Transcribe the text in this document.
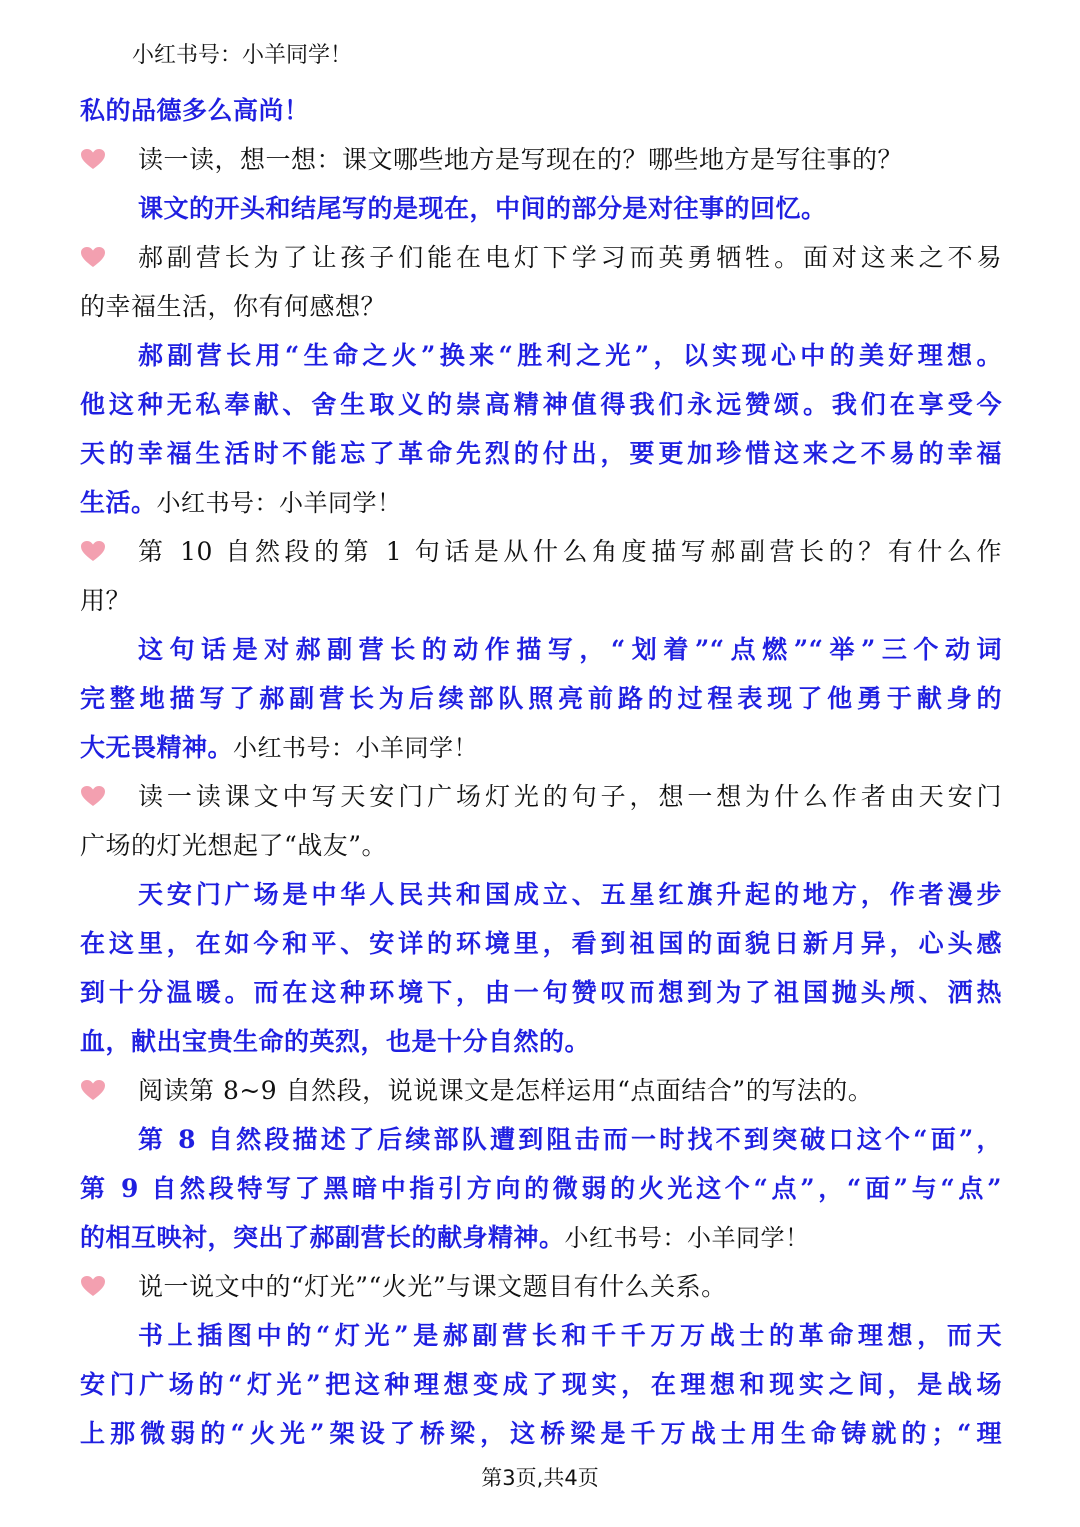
小红书号：小羊同学！
私的品德多么高尚！
读一读，想一想：课文哪些地方是写现在的？哪些地方是写往事的？
课文的开头和结尾写的是现在，中间的部分是对往事的回忆。
郝副营长为了让孩子们能在电灯下学习而英勇牺牲。面对这来之不易
的幸福生活，你有何感想？
郝副营长用“生命之火”换来“胜利之光”，以实现心中的美好理想。
他这种无私奉献、舍生取义的崇高精神值得我们永远赞颂。我们在享受今
天的幸福生活时不能忘了革命先烈的付出，要更加珍惜这来之不易的幸福
生活。小红书号：小羊同学！
第 10 自然段的第 1 句话是从什么角度描写郝副营长的？有什么作
用？
这句话是对郝副营长的动作描写，“划着”“点燃”“举”三个动词
完整地描写了郝副营长为后续部队照亮前路的过程表现了他勇于献身的
大无畏精神。小红书号：小羊同学！
读一读课文中写天安门广场灯光的句子，想一想为什么作者由天安门
广场的灯光想起了“战友”。
天安门广场是中华人民共和国成立、五星红旗升起的地方，作者漫步
在这里，在如今和平、安详的环境里，看到祖国的面貌日新月异，心头感
到十分温暖。而在这种环境下，由一句赞叹而想到为了祖国抛头颅、洒热
血，献出宝贵生命的英烈，也是十分自然的。
阅读第 8~9 自然段，说说课文是怎样运用“点面结合”的写法的。
第 8 自然段描述了后续部队遭到阻击而一时找不到突破口这个“面”，
第 9 自然段特写了黑暗中指引方向的微弱的火光这个“点”，“面”与“点”
的相互映衬，突出了郝副营长的献身精神。小红书号：小羊同学！
说一说文中的“灯光”“火光”与课文题目有什么关系。
书上插图中的“灯光”是郝副营长和千千万万战士的革命理想，而天
安门广场的“灯光”把这种理想变成了现实，在理想和现实之间，是战场
上那微弱的“火光”架设了桥梁，这桥梁是千万战士用生命铸就的；“理
第3页,共4页
